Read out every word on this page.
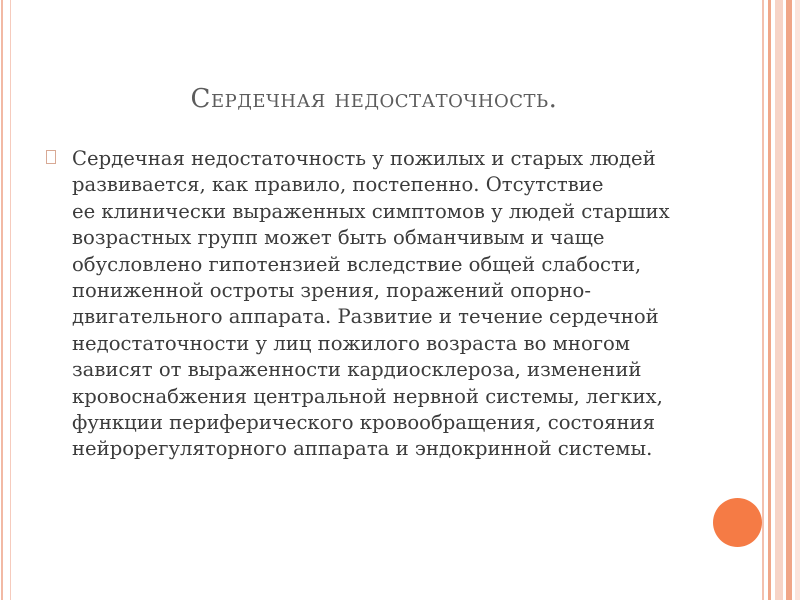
Сердечная недостаточность.

Сердечная недостаточность у пожилых и старых людей
развивается, как правило, постепенно. Отсутствие
ее клинически выраженных симптомов у людей старших
возрастных групп может быть обманчивым и чаще
обусловлено гипотензией вследствие общей слабости,
пониженной остроты зрения, поражений опорно-
двигательного аппарата. Развитие и течение сердечной
недостаточности у лиц пожилого возраста во многом
зависят от выраженности кардиосклероза, изменений
кровоснабжения центральной нервной системы, легких,
функции периферического кровообращения, состояния
нейрорегуляторного аппарата и эндокринной системы.
